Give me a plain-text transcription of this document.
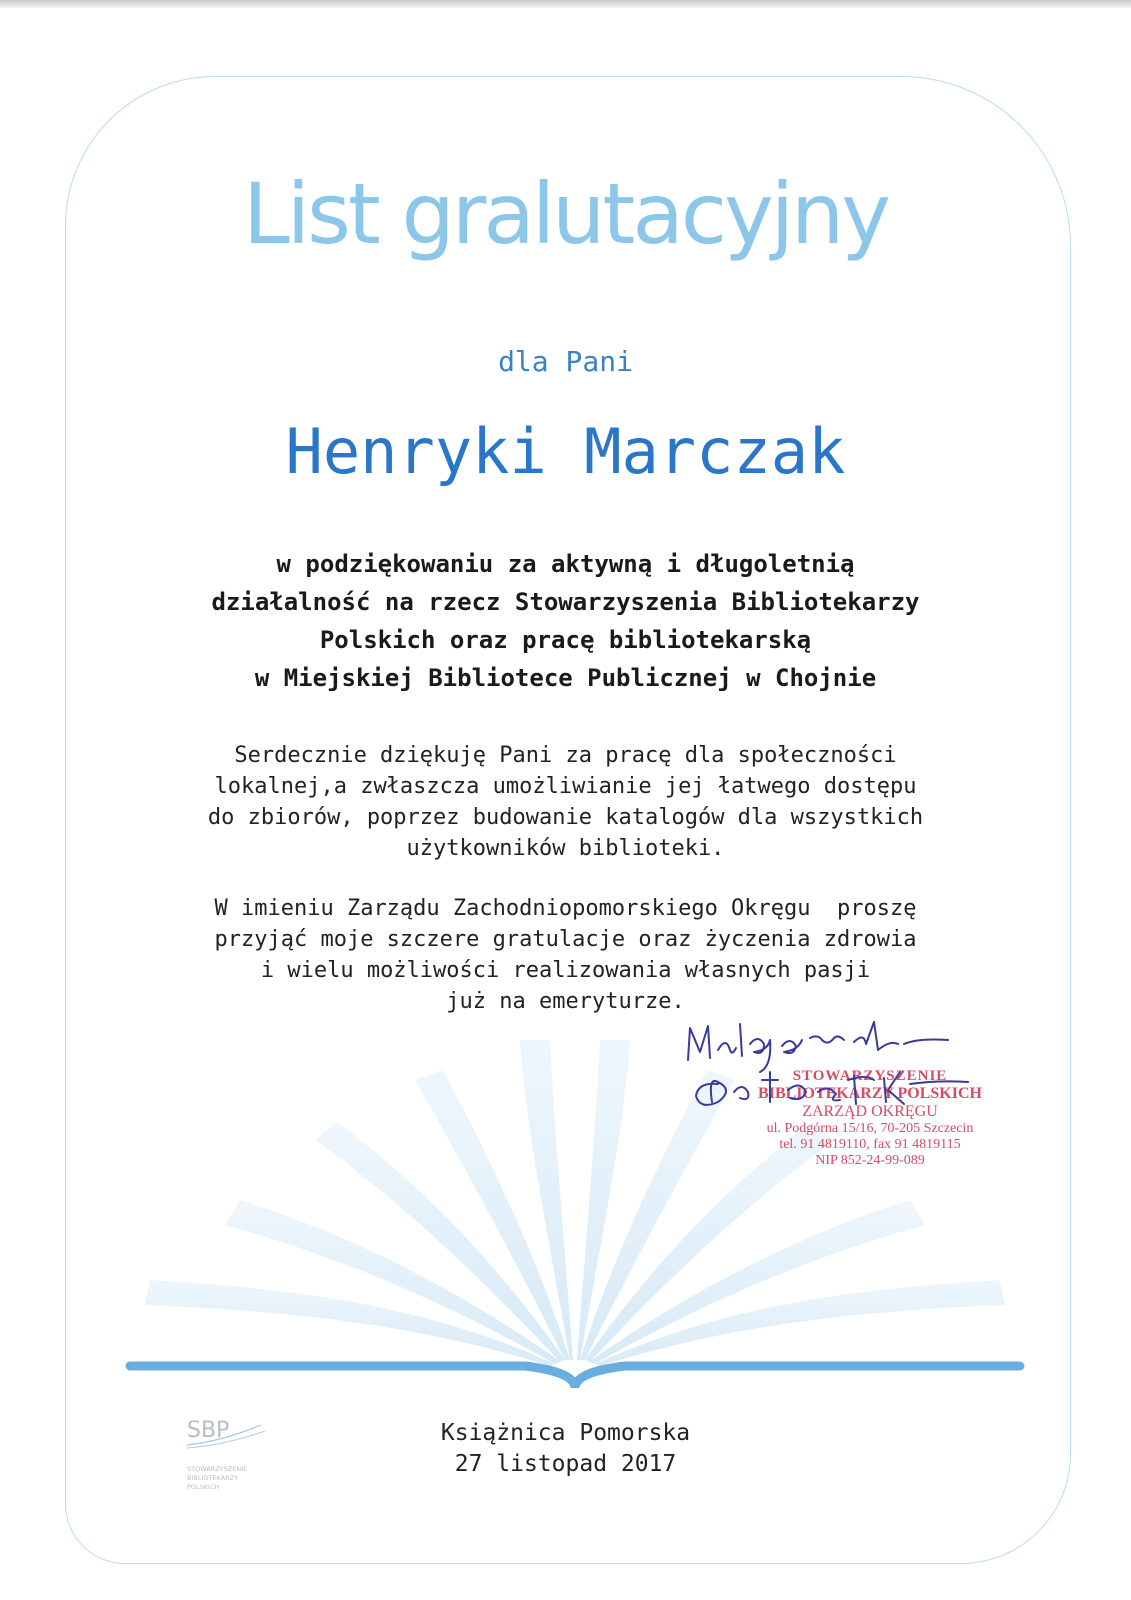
List gralutacyjny
dla Pani
Henryki Marczak
w podziękowaniu za aktywną i długoletnią
działalność na rzecz Stowarzyszenia Bibliotekarzy
Polskich oraz pracę bibliotekarską
w Miejskiej Bibliotece Publicznej w Chojnie
Serdecznie dziękuję Pani za pracę dla społeczności
lokalnej,a zwłaszcza umożliwianie jej łatwego dostępu
do zbiorów, poprzez budowanie katalogów dla wszystkich
użytkowników biblioteki.
W imieniu Zarządu Zachodniopomorskiego Okręgu  proszę
przyjąć moje szczere gratulacje oraz życzenia zdrowia
i wielu możliwości realizowania własnych pasji
już na emeryturze.
STOWARZYSZENIE
BIBLIOTEKARZY POLSKICH
ZARZĄD OKRĘGU
ul. Podgórna 15/16, 70-205 Szczecin
tel. 91 4819110, fax 91 4819115
NIP 852-24-99-089
SBP
STOWARZYSZENIE
BIBLIOTEKARZY
POLSKICH
Książnica Pomorska
27 listopad 2017
